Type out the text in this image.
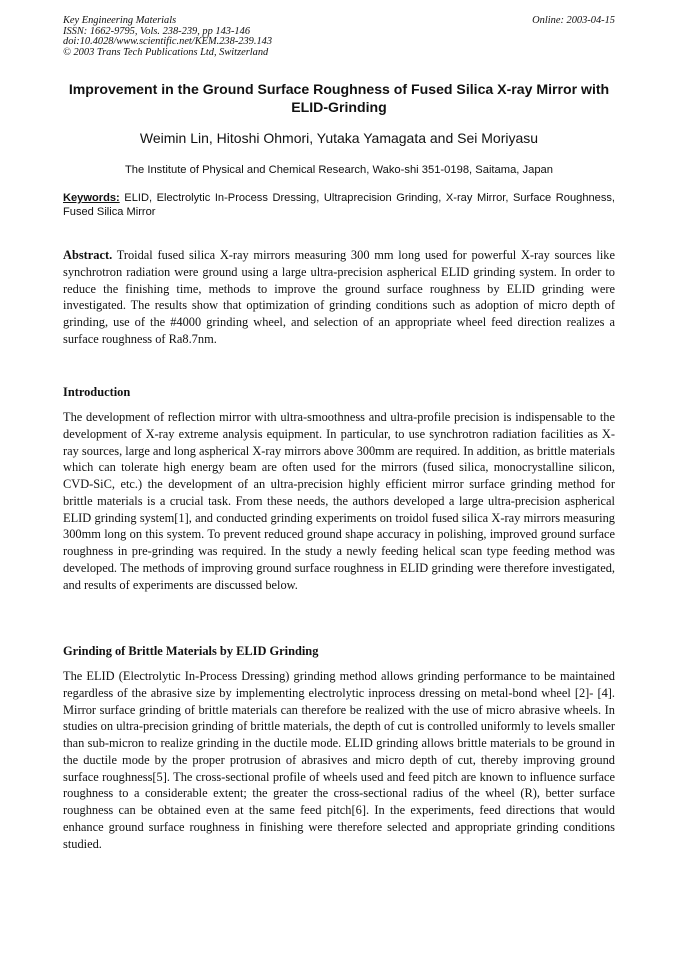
Key Engineering Materials
ISSN: 1662-9795, Vols. 238-239, pp 143-146
doi:10.4028/www.scientific.net/KEM.238-239.143
© 2003 Trans Tech Publications Ltd, Switzerland
Online: 2003-04-15
Improvement in the Ground Surface Roughness of Fused Silica X-ray Mirror with ELID-Grinding
Weimin Lin, Hitoshi Ohmori, Yutaka Yamagata and Sei Moriyasu
The Institute of Physical and Chemical Research, Wako-shi 351-0198, Saitama, Japan
Keywords: ELID, Electrolytic In-Process Dressing, Ultraprecision Grinding, X-ray Mirror, Surface Roughness, Fused Silica Mirror

Abstract. Troidal fused silica X-ray mirrors measuring 300 mm long used for powerful X-ray sources like synchrotron radiation were ground using a large ultra-precision aspherical ELID grinding system. In order to reduce the finishing time, methods to improve the ground surface roughness by ELID grinding were investigated. The results show that optimization of grinding conditions such as adoption of micro depth of grinding, use of the #4000 grinding wheel, and selection of an appropriate wheel feed direction realizes a surface roughness of Ra8.7nm.

Introduction

The development of reflection mirror with ultra-smoothness and ultra-profile precision is indispensable to the development of X-ray extreme analysis equipment. In particular, to use synchrotron radiation facilities as X-ray sources, large and long aspherical X-ray mirrors above 300mm are required. In addition, as brittle materials which can tolerate high energy beam are often used for the mirrors (fused silica, monocrystalline silicon, CVD-SiC, etc.) the development of an ultra-precision highly efficient mirror surface grinding method for brittle materials is a crucial task. From these needs, the authors developed a large ultra-precision aspherical ELID grinding system[1], and conducted grinding experiments on troidol fused silica X-ray mirrors measuring 300mm long on this system. To prevent reduced ground shape accuracy in polishing, improved ground surface roughness in pre-grinding was required. In the study a newly feeding helical scan type feeding method was developed. The methods of improving ground surface roughness in ELID grinding were therefore investigated, and results of experiments are discussed below.

Grinding of Brittle Materials by ELID Grinding

The ELID (Electrolytic In-Process Dressing) grinding method allows grinding performance to be maintained regardless of the abrasive size by implementing electrolytic inprocess dressing on metal-bond wheel [2]- [4]. Mirror surface grinding of brittle materials can therefore be realized with the use of micro abrasive wheels. In studies on ultra-precision grinding of brittle materials, the depth of cut is controlled uniformly to levels smaller than sub-micron to realize grinding in the ductile mode. ELID grinding allows brittle materials to be ground in the ductile mode by the proper protrusion of abrasives and micro depth of cut, thereby improving ground surface roughness[5]. The cross-sectional profile of wheels used and feed pitch are known to influence surface roughness to a considerable extent; the greater the cross-sectional radius of the wheel (R), better surface roughness can be obtained even at the same feed pitch[6]. In the experiments, feed directions that would enhance ground surface roughness in finishing were therefore selected and appropriate grinding conditions studied.
